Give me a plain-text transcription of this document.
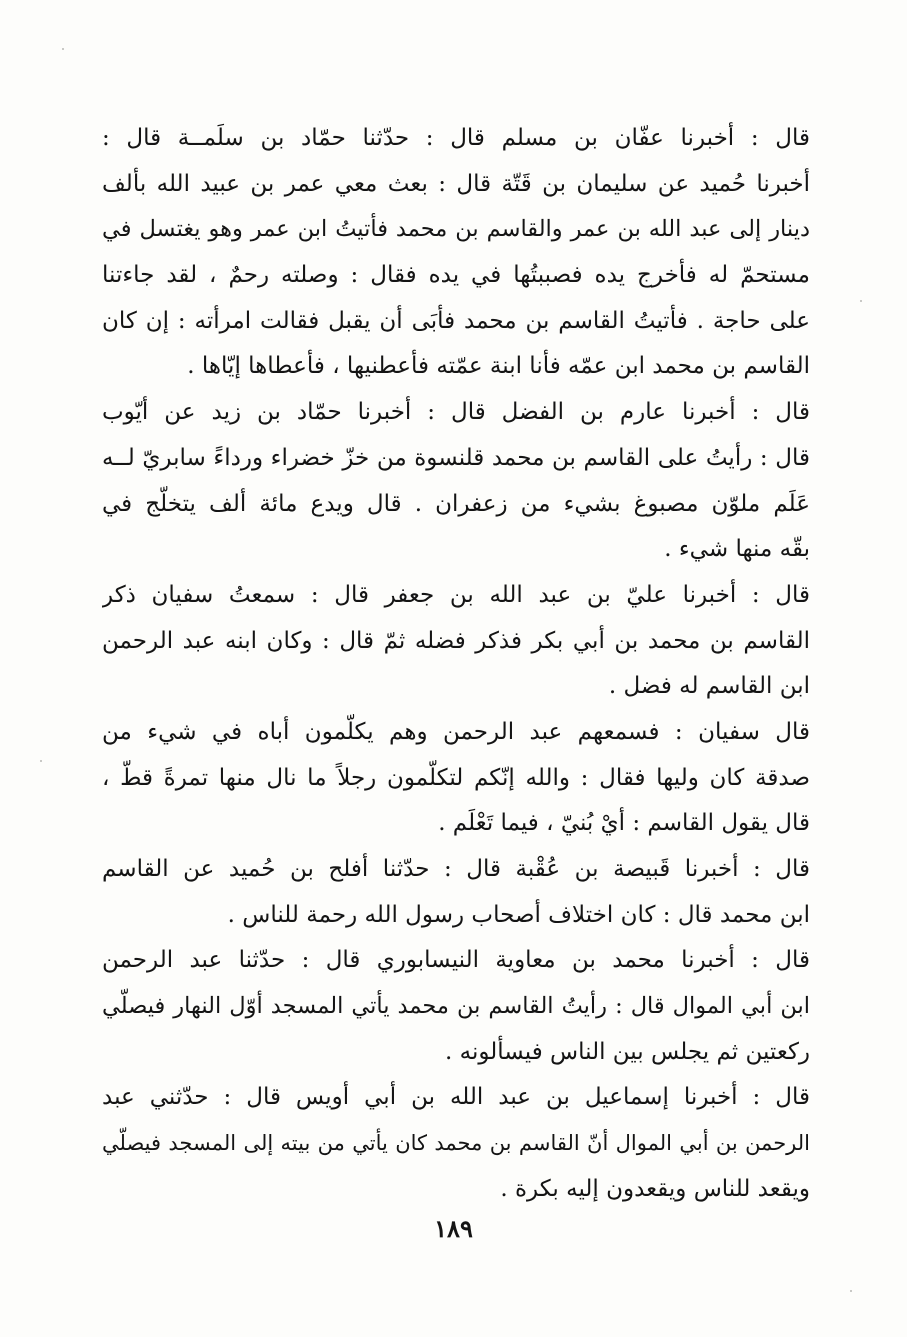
قال : أخبرنا عفّان بن مسلم قال : حدّثنا حمّاد بن سلَمــة قال :
أخبرنا حُميد عن سليمان بن قَتّة قال : بعث معي عمر بن عبيد الله بألف
دينار إلى عبد الله بن عمر والقاسم بن محمد فأتيتُ ابن عمر وهو يغتسل في
مستحمّ له فأخرج يده فصببتُها في يده فقال : وصلته رحمٌ ، لقد جاءتنا
على حاجة . فأتيتُ القاسم بن محمد فأبَى أن يقبل فقالت امرأته : إن كان
القاسم بن محمد ابن عمّه فأنا ابنة عمّته فأعطنيها ، فأعطاها إيّاها .
قال : أخبرنا عارم بن الفضل قال : أخبرنا حمّاد بن زيد عن أيّوب
قال : رأيتُ على القاسم بن محمد قلنسوة من خزّ خضراء ورداءً سابريّ لــه
عَلَم ملوّن مصبوغ بشيء من زعفران . قال ويدع مائة ألف يتخلّج في
بقّه منها شيء .
قال : أخبرنا عليّ بن عبد الله بن جعفر قال : سمعتُ سفيان ذكر
القاسم بن محمد بن أبي بكر فذكر فضله ثمّ قال : وكان ابنه عبد الرحمن
ابن القاسم له فضل .
قال سفيان : فسمعهم عبد الرحمن وهم يكلّمون أباه في شيء من
صدقة كان وليها فقال : والله إنّكم لتكلّمون رجلاً ما نال منها تمرةً قطّ ،
قال يقول القاسم : أيْ بُنيّ ، فيما تَعْلَم .
قال : أخبرنا قَبيصة بن عُقْبة قال : حدّثنا أفلح بن حُميد عن القاسم
ابن محمد قال : كان اختلاف أصحاب رسول الله رحمة للناس .
قال : أخبرنا محمد بن معاوية النيسابوري قال : حدّثنا عبد الرحمن
ابن أبي الموال قال : رأيتُ القاسم بن محمد يأتي المسجد أوّل النهار فيصلّي
ركعتين ثم يجلس بين الناس فيسألونه .
قال : أخبرنا إسماعيل بن عبد الله بن أبي أويس قال : حدّثني عبد
الرحمن بن أبي الموال أنّ القاسم بن محمد كان يأتي من بيته إلى المسجد فيصلّي
ويقعد للناس ويقعدون إليه بكرة .
١٨٩
